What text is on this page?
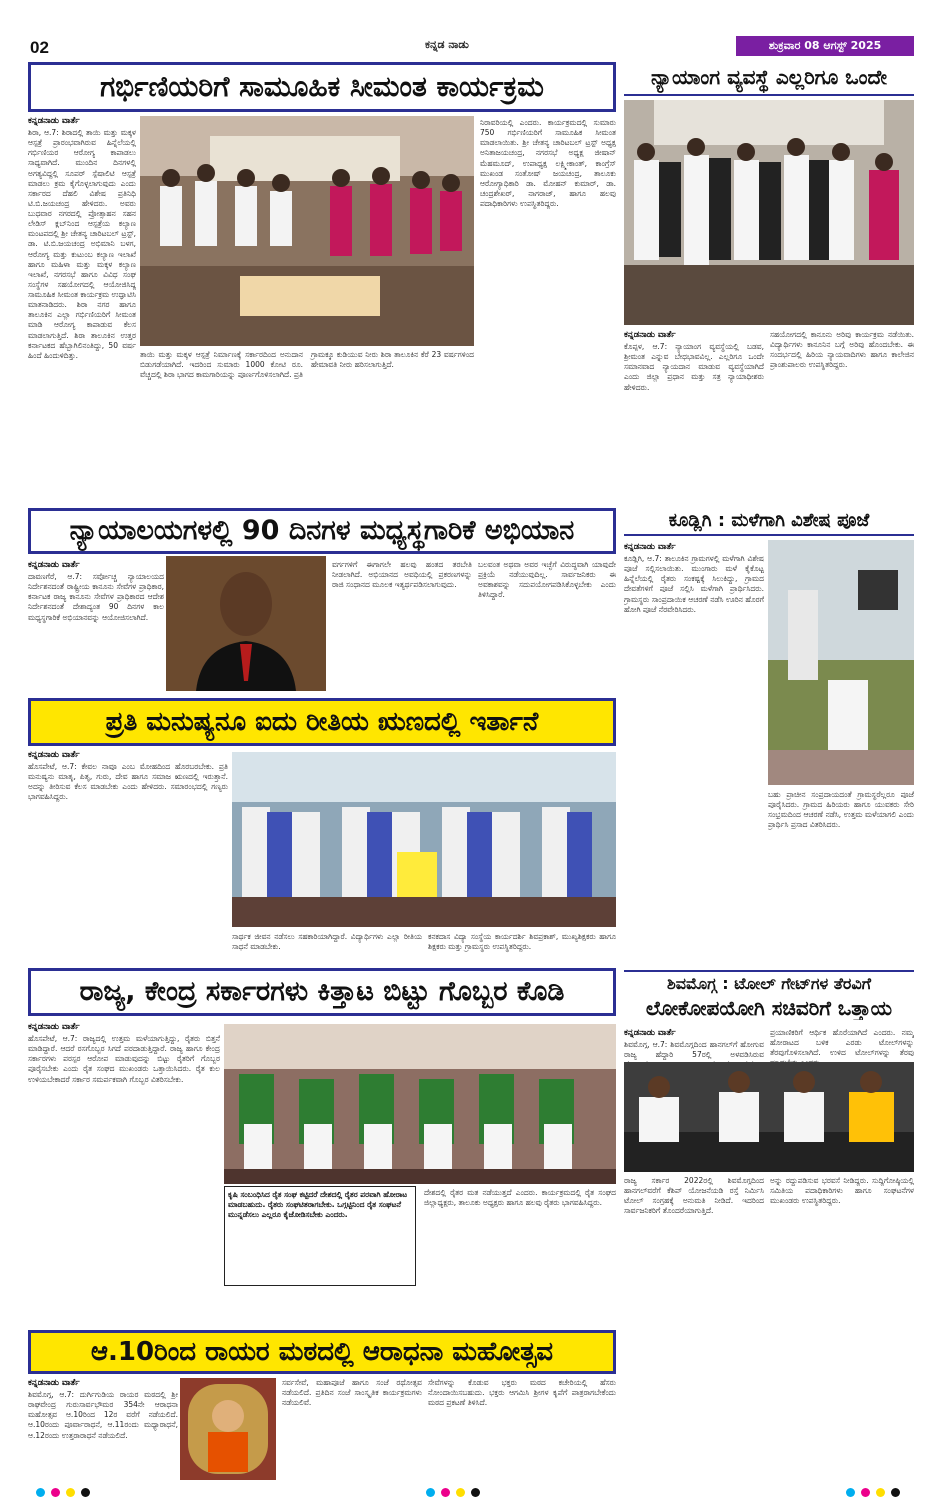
02	ಕನ್ನಡ ನಾಡು	ಶುಕ್ರವಾರ 08 ಆಗಸ್ಟ್ 2025
ಗರ್ಭಿಣಿಯರಿಗೆ ಸಾಮೂಹಿಕ ಸೀಮಂತ ಕಾರ್ಯಕ್ರಮ
ಕನ್ನಡನಾಡು ವಾರ್ತೆ
ಶಿರಾ, ಆ.7: ಶಿರಾದಲ್ಲಿ ತಾಯಿ ಮತ್ತು ಮಕ್ಕಳ ಆಸ್ಪತ್ರೆ ಪ್ರಾರಂಭವಾಗಿರುವ ಹಿನ್ನೆಲೆಯಲ್ಲಿ ಗರ್ಭಿಣಿಯರ ಆರೋಗ್ಯ ಕಾಪಾಡಲು ಸಾಧ್ಯವಾಗಿದೆ. ಮುಂದಿನ ದಿನಗಳಲ್ಲಿ ಅಗತ್ಯವಿದ್ದಲ್ಲಿ ಸೂಪರ್ ಸ್ಪೆಷಾಲಿಟಿ ಆಸ್ಪತ್ರೆ ಮಾಡಲು ಕ್ರಮ ಕೈಗೊಳ್ಳಲಾಗುವುದು ಎಂದು ಸರ್ಕಾರದ ದೆಹಲಿ ವಿಶೇಷ ಪ್ರತಿನಿಧಿ ಟಿ.ಬಿ.ಜಯಚಂದ್ರ ಹೇಳಿದರು. ಅವರು ಬುಧವಾರ ನಗರದಲ್ಲಿ ಪ್ರೋತ್ಸಾಹನ ಸಹನ ಲೇಡಿಸ್ ಕ್ಲಬ್‌ನಿಂದ ಆಸ್ಪತ್ರೆಯ ಕಲ್ಯಾಣ ಮಂಟಪದಲ್ಲಿ ಶ್ರೀ ಚೇತನ್ಯ ಚಾರಿಟಬಲ್ ಟ್ರಸ್ಟ್, ಡಾ. ಟಿ.ಬಿ.ಜಯಚಂದ್ರ ಅಭಿಮಾನಿ ಬಳಗ, ಆರೋಗ್ಯ ಮತ್ತು ಕುಟುಂಬ ಕಲ್ಯಾಣ ಇಲಾಖೆ ಹಾಗೂ ಮಹಿಳಾ ಮತ್ತು ಮಕ್ಕಳ ಕಲ್ಯಾಣ ಇಲಾಖೆ, ನಗರಸಭೆ ಹಾಗೂ ವಿವಿಧ ಸಂಘ ಸಂಸ್ಥೆಗಳ ಸಹಯೋಗದಲ್ಲಿ ಆಯೋಜಿಸಿದ್ದ ಸಾಮೂಹಿಕ ಸೀಮಂತ ಕಾರ್ಯಕ್ರಮ ಉದ್ಘಾಟಿಸಿ ಮಾತನಾಡಿದರು. ಶಿರಾ ನಗರ ಹಾಗೂ ತಾಲೂಕಿನ ಎಲ್ಲಾ ಗರ್ಭಿಣಿಯರಿಗೆ ಸೀಮಂತ ಮಾಡಿ ಆರೋಗ್ಯ ಕಾಪಾಡುವ ಕೆಲಸ ಮಾಡಲಾಗುತ್ತಿದೆ. ಶಿರಾ ತಾಲೂಕಿನ ಉತ್ತರ ಕರ್ನಾಟಕದ ಹೆಬ್ಬಾಗಿಲಿನಂತಿದ್ದು, 50 ವರ್ಷ ಹಿಂದೆ ಹಿಂದುಳಿದಿತ್ತು.	ತಾಯಿ ಮತ್ತು ಮಕ್ಕಳ ಆಸ್ಪತ್ರೆ ನಿರ್ಮಾಣಕ್ಕೆ ಸರ್ಕಾರದಿಂದ ಅನುದಾನ ಬಿಡುಗಡೆಯಾಗಿದೆ. ಇದರಿಂದ ಸುಮಾರು 1000 ಕೋಟಿ ರೂ. ವೆಚ್ಚದಲ್ಲಿ ಶಿರಾ ಭಾಗದ ಕಾಮಗಾರಿಯನ್ನು ಪೂರ್ಣಗೊಳಿಸಲಾಗಿದೆ. ಪ್ರತಿ ಗ್ರಾಮಕ್ಕೂ ಕುಡಿಯುವ ನೀರು ಶಿರಾ ತಾಲೂಕಿನ ಕೆರೆ 23 ವರ್ಷಗಳಿಂದ ಹೇಮಾವತಿ ನೀರು ಹರಿಸಲಾಗುತ್ತಿದೆ.
ನಿರಾವರಿಯಲ್ಲಿ ಎಂದರು. ಕಾರ್ಯಕ್ರಮದಲ್ಲಿ ಸುಮಾರು 750 ಗರ್ಭಿಣಿಯರಿಗೆ ಸಾಮೂಹಿಕ ಸೀಮಂತ ಮಾಡಲಾಯಿತು. ಶ್ರೀ ಚೇತನ್ಯ ಚಾರಿಟಬಲ್ ಟ್ರಸ್ಟ್ ಅಧ್ಯಕ್ಷ ಅನಿತಾಜಯಚಂದ್ರ, ನಗರಸಭೆ ಅಧ್ಯಕ್ಷ ಜೀಷಾನ್ ಮೆಹಮೂದ್, ಉಪಾಧ್ಯಕ್ಷ ಲಕ್ಷ್ಮೀಕಾಂತ್, ಕಾಂಗ್ರೆಸ್ ಮುಖಂಡ ಸಂತೋಷ್ ಜಯಚಂದ್ರ, ತಾಲೂಕು ಆರೋಗ್ಯಾಧಿಕಾರಿ ಡಾ. ಮೋಹನ್ ಕುಮಾರ್, ಡಾ. ಚಂದ್ರಶೇಖರ್, ನಾಗರಾಜ್, ಹಾಗೂ ಹಲವು ಪದಾಧಿಕಾರಿಗಳು ಉಪಸ್ಥಿತರಿದ್ದರು.
ನ್ಯಾಯಾಂಗ ವ್ಯವಸ್ಥೆ ಎಲ್ಲರಿಗೂ ಒಂದೇ
ಕನ್ನಡನಾಡು ವಾರ್ತೆ
ಕೊಪ್ಪಳ, ಆ.7: ನ್ಯಾಯಾಂಗ ವ್ಯವಸ್ಥೆಯಲ್ಲಿ ಬಡವ, ಶ್ರೀಮಂತ ಎನ್ನುವ ಬೇಧಭಾವವಿಲ್ಲ. ಎಲ್ಲರಿಗೂ ಒಂದೇ ಸಮಾನವಾದ ನ್ಯಾಯದಾನ ಮಾಡುವ ವ್ಯವಸ್ಥೆಯಾಗಿದೆ ಎಂದು ಜಿಲ್ಲಾ ಪ್ರಧಾನ ಮತ್ತು ಸತ್ರ ನ್ಯಾಯಾಧೀಶರು ಹೇಳಿದರು.
ಸಹಯೋಗದಲ್ಲಿ ಕಾನೂನು ಅರಿವು ಕಾರ್ಯಕ್ರಮ ನಡೆಯಿತು. ವಿದ್ಯಾರ್ಥಿಗಳು ಕಾನೂನಿನ ಬಗ್ಗೆ ಅರಿವು ಹೊಂದಬೇಕು. ಈ ಸಂದರ್ಭದಲ್ಲಿ ಹಿರಿಯ ನ್ಯಾಯವಾದಿಗಳು ಹಾಗೂ ಕಾಲೇಜಿನ ಪ್ರಾಂಶುಪಾಲರು ಉಪಸ್ಥಿತರಿದ್ದರು.
ನ್ಯಾಯಾಲಯಗಳಲ್ಲಿ 90 ದಿನಗಳ ಮಧ್ಯಸ್ಥಗಾರಿಕೆ ಅಭಿಯಾನ
ಕನ್ನಡನಾಡು ವಾರ್ತೆ
ದಾವಣಗೆರೆ, ಆ.7: ಸರ್ವೋಚ್ಚ ನ್ಯಾಯಾಲಯದ ನಿರ್ದೇಶನದಂತೆ ರಾಷ್ಟ್ರೀಯ ಕಾನೂನು ಸೇವೆಗಳ ಪ್ರಾಧಿಕಾರ, ಕರ್ನಾಟಕ ರಾಜ್ಯ ಕಾನೂನು ಸೇವೆಗಳ ಪ್ರಾಧಿಕಾರದ ಆದೇಶ ನಿರ್ದೇಶನದಂತೆ ದೇಶಾದ್ಯಂತ 90 ದಿನಗಳ ಕಾಲ ಮಧ್ಯಸ್ಥಗಾರಿಕೆ ಅಭಿಯಾನವನ್ನು ಆಯೋಜಿಸಲಾಗಿದೆ.
ವರ್ಗಗಳಿಗೆ ಈಗಾಗಲೇ ಹಲವು ಹಂತದ ತರಬೇತಿ ನೀಡಲಾಗಿದೆ. ಅಭಿಯಾನದ ಅವಧಿಯಲ್ಲಿ ಪ್ರಕರಣಗಳನ್ನು ರಾಜಿ ಸಂಧಾನದ ಮೂಲಕ ಇತ್ಯರ್ಥಪಡಿಸಲಾಗುವುದು.
ಬಲವಂತ ಅಥವಾ ಅವರ ಇಚ್ಛೆಗೆ ವಿರುದ್ಧವಾಗಿ ಯಾವುದೇ ಪ್ರಕ್ರಿಯೆ ನಡೆಯುವುದಿಲ್ಲ. ಸಾರ್ವಜನಿಕರು ಈ ಅವಕಾಶವನ್ನು ಸದುಪಯೋಗಪಡಿಸಿಕೊಳ್ಳಬೇಕು ಎಂದು ತಿಳಿಸಿದ್ದಾರೆ.
ಕೂಡ್ಲಿಗಿ : ಮಳೆಗಾಗಿ ವಿಶೇಷ ಪೂಜೆ
ಕನ್ನಡನಾಡು ವಾರ್ತೆ
ಕೂಡ್ಲಿಗಿ, ಆ.7: ತಾಲೂಕಿನ ಗ್ರಾಮಗಳಲ್ಲಿ ಮಳೆಗಾಗಿ ವಿಶೇಷ ಪೂಜೆ ಸಲ್ಲಿಸಲಾಯಿತು. ಮುಂಗಾರು ಮಳೆ ಕೈಕೊಟ್ಟ ಹಿನ್ನೆಲೆಯಲ್ಲಿ ರೈತರು ಸಂಕಷ್ಟಕ್ಕೆ ಸಿಲುಕಿದ್ದು, ಗ್ರಾಮದ ದೇವತೆಗಳಿಗೆ ಪೂಜೆ ಸಲ್ಲಿಸಿ ಮಳೆಗಾಗಿ ಪ್ರಾರ್ಥಿಸಿದರು. ಗ್ರಾಮಸ್ಥರು ಸಾಂಪ್ರದಾಯಿಕ ಆಚರಣೆ ನಡೆಸಿ ಊರಿನ ಹೊರಗೆ ಹೋಗಿ ಪೂಜೆ ನೆರವೇರಿಸಿದರು.
ಬಹು ಪ್ರಾಚೀನ ಸಂಪ್ರದಾಯದಂತೆ ಗ್ರಾಮಸ್ಥರೆಲ್ಲರೂ ಪೂಜೆ ಪೂರೈಸಿದರು. ಗ್ರಾಮದ ಹಿರಿಯರು ಹಾಗೂ ಯುವಕರು ಸೇರಿ ಸಂಭ್ರಮದಿಂದ ಆಚರಣೆ ನಡೆಸಿ, ಉತ್ತಮ ಮಳೆಯಾಗಲಿ ಎಂದು ಪ್ರಾರ್ಥಿಸಿ ಪ್ರಸಾದ ವಿತರಿಸಿದರು.
ಪ್ರತಿ ಮನುಷ್ಯನೂ ಐದು ರೀತಿಯ ಋಣದಲ್ಲಿ ಇರ್ತಾನೆ
ಕನ್ನಡನಾಡು ವಾರ್ತೆ
ಹೊಸಪೇಟೆ, ಆ.7: ಕೇವಲ ನಾವೂ ಎಂಬ ಮೋಹದಿಂದ ಹೊರಬರಬೇಕು. ಪ್ರತಿ ಮನುಷ್ಯನು ಮಾತೃ, ಪಿತೃ, ಗುರು, ದೇವ ಹಾಗೂ ಸಮಾಜ ಋಣದಲ್ಲಿ ಇರುತ್ತಾನೆ. ಅದನ್ನು ತೀರಿಸುವ ಕೆಲಸ ಮಾಡಬೇಕು ಎಂದು ಹೇಳಿದರು. ಸಮಾರಂಭದಲ್ಲಿ ಗಣ್ಯರು ಭಾಗವಹಿಸಿದ್ದರು.
ಸಾರ್ಥಕ ಜೀವನ ನಡೆಸಲು ಸಹಕಾರಿಯಾಗಿದ್ದಾರೆ. ವಿದ್ಯಾರ್ಥಿಗಳು ಎಲ್ಲಾ ರೀತಿಯ ಸಾಧನೆ ಮಾಡಬೇಕು.
ಕನಕದಾಸ ವಿದ್ಯಾ ಸಂಸ್ಥೆಯ ಕಾರ್ಯದರ್ಶಿ ಶಿವಪ್ರಕಾಶ್, ಮುಖ್ಯಶಿಕ್ಷಕರು ಹಾಗೂ ಶಿಕ್ಷಕರು ಮತ್ತು ಗ್ರಾಮಸ್ಥರು ಉಪಸ್ಥಿತರಿದ್ದರು.
ಶಿವಮೊಗ್ಗ : ಟೋಲ್ ಗೇಟ್‌ಗಳ ತೆರವಿಗೆ
ಲೋಕೋಪಯೋಗಿ ಸಚಿವರಿಗೆ ಒತ್ತಾಯ
ಕನ್ನಡನಾಡು ವಾರ್ತೆ
ಶಿವಮೊಗ್ಗ, ಆ.7: ಶಿವಮೊಗ್ಗದಿಂದ ಹಾನಗಲ್‌ಗೆ ಹೋಗುವ ರಾಜ್ಯ ಹೆದ್ದಾರಿ 57ರಲ್ಲಿ ಅಳವಡಿಸಿರುವ
ಪ್ರಯಾಣಿಕರಿಗೆ ಆರ್ಥಿಕ ಹೊರೆಯಾಗಿದೆ ಎಂದರು. ನಮ್ಮ ಹೋರಾಟದ ಬಳಿಕ ಎರಡು ಟೋಲ್‌ಗಳನ್ನು ತೆರವುಗೊಳಿಸಲಾಗಿದೆ. ಉಳಿದ ಟೋಲ್‌ಗಳನ್ನು ತೆರವು
ರಾಜ್ಯ ಸರ್ಕಾರ 2022ರಲ್ಲಿ ಶಿವಮೊಗ್ಗದಿಂದ ಹಾನಗಲ್‌ವರೆಗೆ ಕೆಶಿಪ್ ಯೋಜನೆಯಡಿ ರಸ್ತೆ ನಿರ್ಮಿಸಿ ಟೋಲ್ ಸಂಗ್ರಹಕ್ಕೆ ಅನುಮತಿ ನೀಡಿದೆ. ಇದರಿಂದ ಸಾರ್ವಜನಿಕರಿಗೆ ತೊಂದರೆಯಾಗುತ್ತಿದೆ.
ಅನ್ನು ರದ್ದುಪಡಿಸುವ ಭರವಸೆ ನೀಡಿದ್ದರು. ಸುದ್ದಿಗೋಷ್ಠಿಯಲ್ಲಿ ಸಮಿತಿಯ ಪದಾಧಿಕಾರಿಗಳು ಹಾಗೂ ಸಂಘಟನೆಗಳ ಮುಖಂಡರು ಉಪಸ್ಥಿತರಿದ್ದರು.
ರಾಜ್ಯ, ಕೇಂದ್ರ ಸರ್ಕಾರಗಳು ಕಿತ್ತಾಟ ಬಿಟ್ಟು ಗೊಬ್ಬರ ಕೊಡಿ
ಕನ್ನಡನಾಡು ವಾರ್ತೆ
ಹೊಸಪೇಟೆ, ಆ.7: ರಾಜ್ಯದಲ್ಲಿ ಉತ್ತಮ ಮಳೆಯಾಗುತ್ತಿದ್ದು, ರೈತರು ಬಿತ್ತನೆ ಮಾಡಿದ್ದಾರೆ. ಆದರೆ ರಸಗೊಬ್ಬರ ಸಿಗದೆ ಪರದಾಡುತ್ತಿದ್ದಾರೆ. ರಾಜ್ಯ ಹಾಗೂ ಕೇಂದ್ರ ಸರ್ಕಾರಗಳು ಪರಸ್ಪರ ಆರೋಪ ಮಾಡುವುದನ್ನು ಬಿಟ್ಟು ರೈತರಿಗೆ ಗೊಬ್ಬರ ಪೂರೈಸಬೇಕು ಎಂದು ರೈತ ಸಂಘದ ಮುಖಂಡರು ಒತ್ತಾಯಿಸಿದರು. ರೈತ ಕುಲ ಉಳಿಯಬೇಕಾದರೆ ಸರ್ಕಾರ ಸಮರ್ಪಕವಾಗಿ ಗೊಬ್ಬರ ವಿತರಿಸಬೇಕು.
ಕೃಷಿ ಸಂಬಂಧಿಸಿದ ರೈತ ಸಂಘ ಕಟ್ಟಿದರೆ ದೇಶದಲ್ಲಿ ರೈತರ ಪರವಾಗಿ ಹೋರಾಟ ಮಾಡಬಹುದು. ರೈತರು ಸಂಘಟಿತರಾಗಬೇಕು. ಒಗ್ಗಟ್ಟಿನಿಂದ ರೈತ ಸಂಘಟನೆ ಮುನ್ನಡೆಸಲು ಎಲ್ಲರೂ ಕೈಜೋಡಿಸಬೇಕು ಎಂದರು.
ದೇಶದಲ್ಲಿ ರೈತರ ಮತ ನಡೆಯುತ್ತದೆ ಎಂದರು. ಕಾರ್ಯಕ್ರಮದಲ್ಲಿ ರೈತ ಸಂಘದ ಜಿಲ್ಲಾಧ್ಯಕ್ಷರು, ತಾಲೂಕು ಅಧ್ಯಕ್ಷರು ಹಾಗೂ ಹಲವು ರೈತರು ಭಾಗವಹಿಸಿದ್ದರು.
ಆ.10ರಿಂದ ರಾಯರ ಮಠದಲ್ಲಿ ಆರಾಧನಾ ಮಹೋತ್ಸವ
ಕನ್ನಡನಾಡು ವಾರ್ತೆ
ಶಿವಮೊಗ್ಗ, ಆ.7: ದುರ್ಗಿಗುಡಿಯ ರಾಯರ ಮಠದಲ್ಲಿ ಶ್ರೀ ರಾಘವೇಂದ್ರ ಗುರುಸಾರ್ವಭೌಮರ 354ನೇ ಆರಾಧನಾ ಮಹೋತ್ಸವ ಆ.10ರಿಂದ 12ರ ವರೆಗೆ ನಡೆಯಲಿದೆ. ಆ.10ರಂದು ಪೂರ್ವಾರಾಧನೆ, ಆ.11ರಂದು ಮಧ್ಯಾರಾಧನೆ, ಆ.12ರಂದು ಉತ್ತರಾರಾಧನೆ ನಡೆಯಲಿದೆ.
ಸರ್ವಸೇವೆ, ಮಹಾಪೂಜೆ ಹಾಗೂ ಸಂಜೆ ರಥೋತ್ಸವ ನಡೆಯಲಿದೆ. ಪ್ರತಿದಿನ ಸಂಜೆ ಸಾಂಸ್ಕೃತಿಕ ಕಾರ್ಯಕ್ರಮಗಳು ನಡೆಯಲಿವೆ.
ಸೇವೆಗಳನ್ನು ಕೊಡುವ ಭಕ್ತರು ಮಠದ ಕಚೇರಿಯಲ್ಲಿ ಹೆಸರು ನೋಂದಾಯಿಸಬಹುದು. ಭಕ್ತರು ಆಗಮಿಸಿ ಶ್ರೀಗಳ ಕೃಪೆಗೆ ಪಾತ್ರರಾಗಬೇಕೆಂದು ಮಠದ ಪ್ರಕಟಣೆ ತಿಳಿಸಿದೆ.
